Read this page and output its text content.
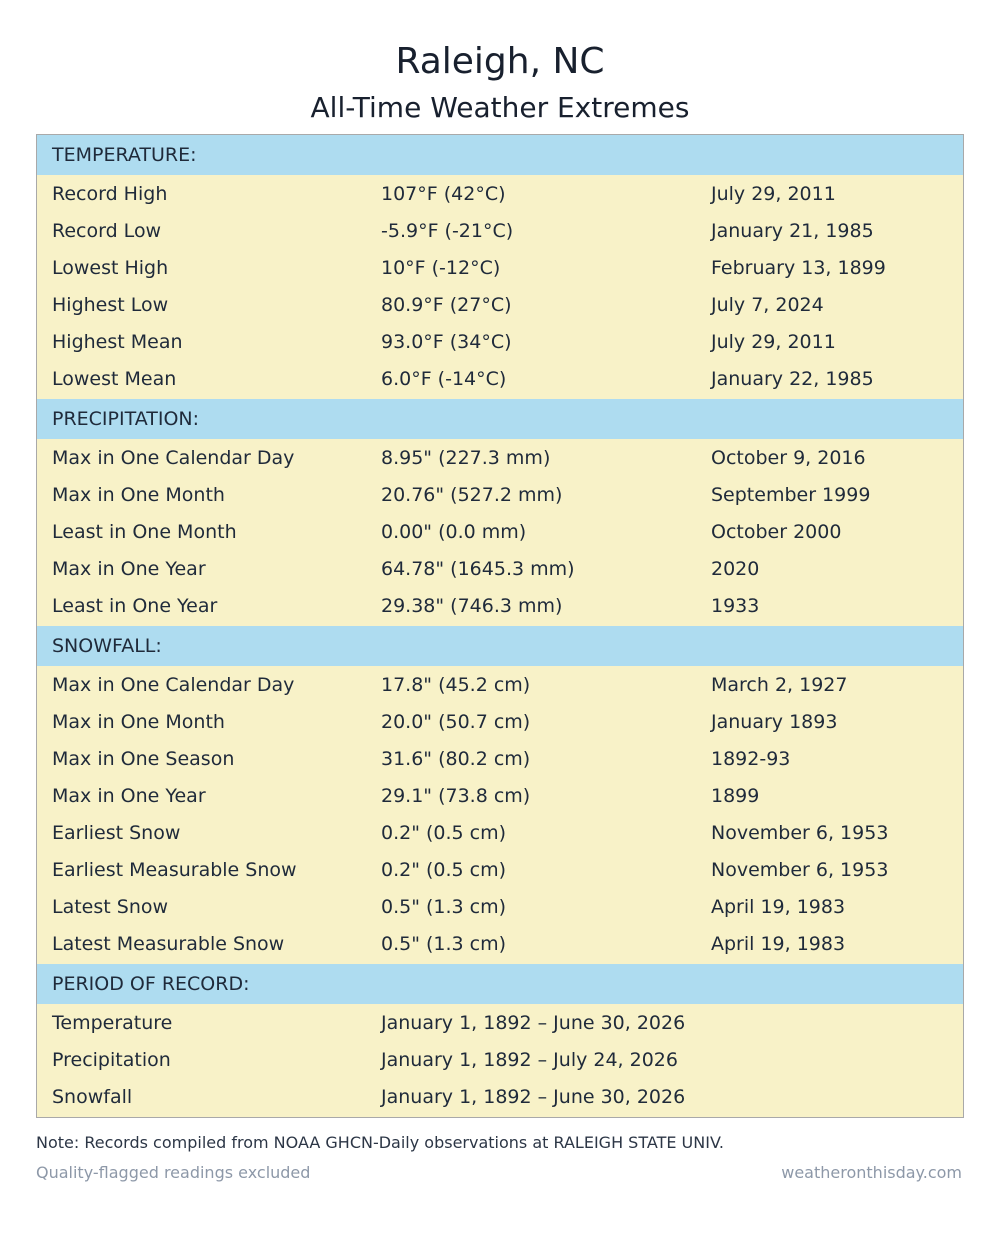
Raleigh, NC
All-Time Weather Extremes
TEMPERATURE:
Record High	107°F (42°C)	July 29, 2011
Record Low	-5.9°F (-21°C)	January 21, 1985
Lowest High	10°F (-12°C)	February 13, 1899
Highest Low	80.9°F (27°C)	July 7, 2024
Highest Mean	93.0°F (34°C)	July 29, 2011
Lowest Mean	6.0°F (-14°C)	January 22, 1985
PRECIPITATION:
Max in One Calendar Day	8.95" (227.3 mm)	October 9, 2016
Max in One Month	20.76" (527.2 mm)	September 1999
Least in One Month	0.00" (0.0 mm)	October 2000
Max in One Year	64.78" (1645.3 mm)	2020
Least in One Year	29.38" (746.3 mm)	1933
SNOWFALL:
Max in One Calendar Day	17.8" (45.2 cm)	March 2, 1927
Max in One Month	20.0" (50.7 cm)	January 1893
Max in One Season	31.6" (80.2 cm)	1892-93
Max in One Year	29.1" (73.8 cm)	1899
Earliest Snow	0.2" (0.5 cm)	November 6, 1953
Earliest Measurable Snow	0.2" (0.5 cm)	November 6, 1953
Latest Snow	0.5" (1.3 cm)	April 19, 1983
Latest Measurable Snow	0.5" (1.3 cm)	April 19, 1983
PERIOD OF RECORD:
Temperature	January 1, 1892 – June 30, 2026
Precipitation	January 1, 1892 – July 24, 2026
Snowfall	January 1, 1892 – June 30, 2026
Note: Records compiled from NOAA GHCN-Daily observations at RALEIGH STATE UNIV.
Quality-flagged readings excluded	weatheronthisday.com
